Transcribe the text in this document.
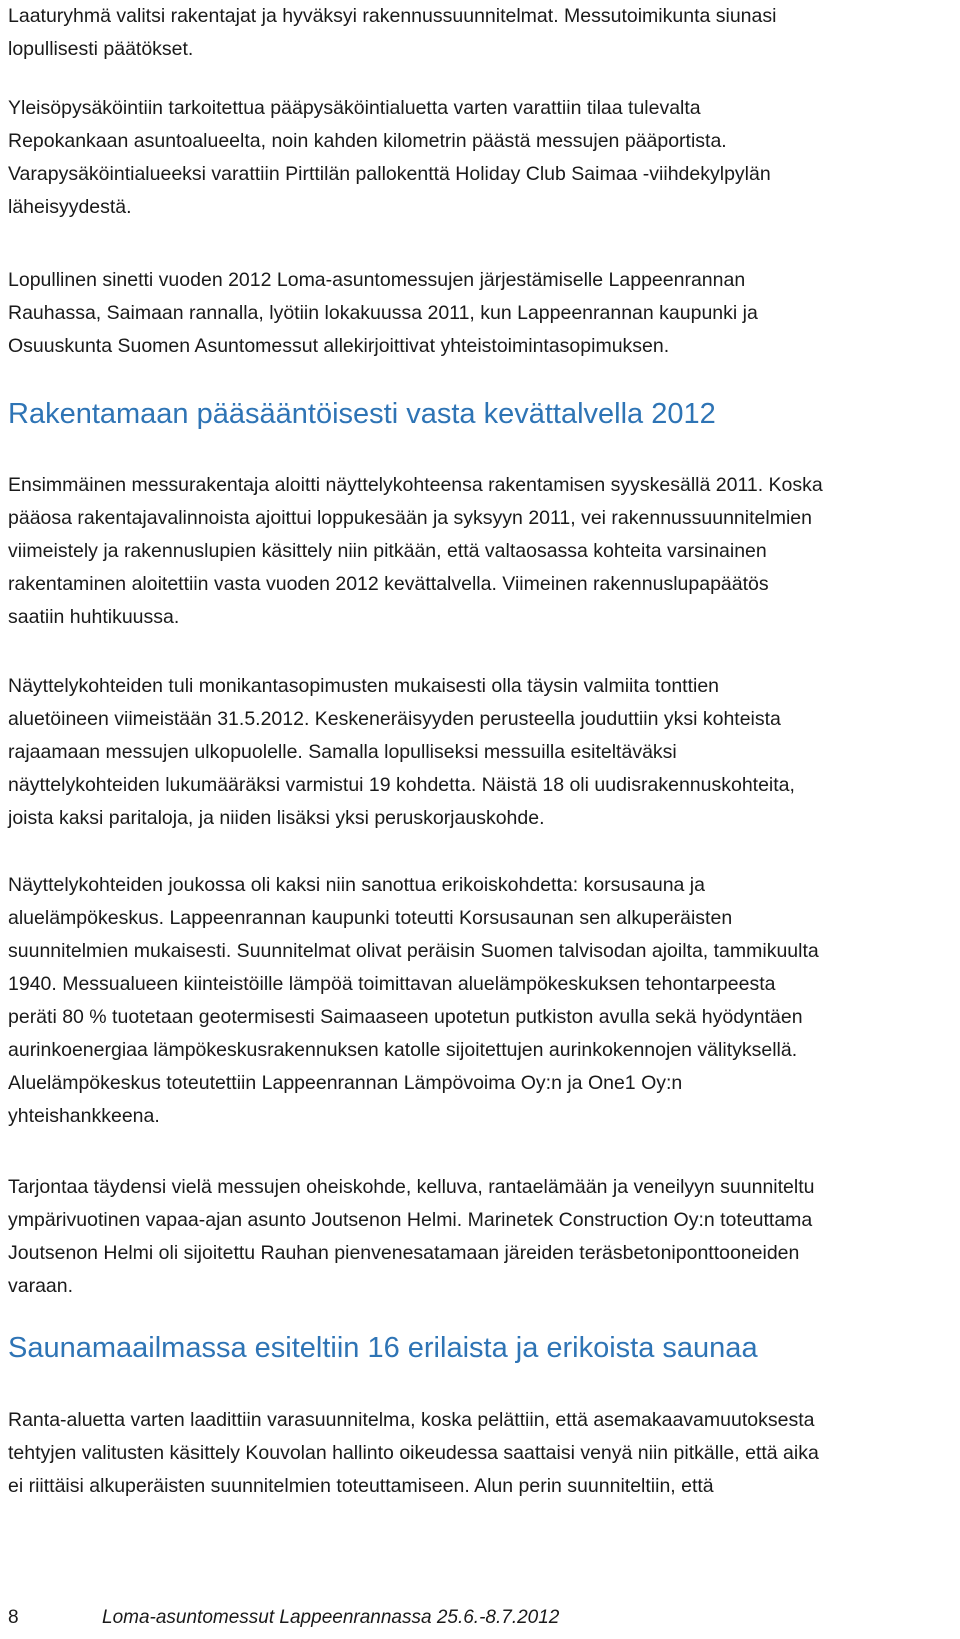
Laaturyhmä valitsi rakentajat ja hyväksyi rakennussuunnitelmat. Messutoimikunta siunasi
lopullisesti päätökset.

Yleisöpysäköintiin tarkoitettua pääpysäköintialuetta varten varattiin tilaa tulevalta
Repokankaan asuntoalueelta, noin kahden kilometrin päästä messujen pääportista.
Varapysäköintialueeksi varattiin Pirttilän pallokenttä Holiday Club Saimaa -viihdekylpylän
läheisyydestä.

Lopullinen sinetti vuoden 2012 Loma-asuntomessujen järjestämiselle Lappeenrannan
Rauhassa, Saimaan rannalla, lyötiin lokakuussa 2011, kun Lappeenrannan kaupunki ja
Osuuskunta Suomen Asuntomessut allekirjoittivat yhteistoimintasopimuksen.

Rakentamaan pääsääntöisesti vasta kevättalvella 2012

Ensimmäinen messurakentaja aloitti näyttelykohteensa rakentamisen syyskesällä 2011. Koska
pääosa rakentajavalinnoista ajoittui loppukesään ja syksyyn 2011, vei rakennussuunnitelmien
viimeistely ja rakennuslupien käsittely niin pitkään, että valtaosassa kohteita varsinainen
rakentaminen aloitettiin vasta vuoden 2012 kevättalvella. Viimeinen rakennuslupapäätös
saatiin huhtikuussa.

Näyttelykohteiden tuli monikantasopimusten mukaisesti olla täysin valmiita tonttien
aluetöineen viimeistään 31.5.2012. Keskeneräisyyden perusteella jouduttiin yksi kohteista
rajaamaan messujen ulkopuolelle. Samalla lopulliseksi messuilla esiteltäväksi
näyttelykohteiden lukumääräksi varmistui 19 kohdetta. Näistä 18 oli uudisrakennuskohteita,
joista kaksi paritaloja, ja niiden lisäksi yksi peruskorjauskohde.

Näyttelykohteiden joukossa oli kaksi niin sanottua erikoiskohdetta: korsusauna ja
aluelämpökeskus. Lappeenrannan kaupunki toteutti Korsusaunan sen alkuperäisten
suunnitelmien mukaisesti. Suunnitelmat olivat peräisin Suomen talvisodan ajoilta, tammikuulta
1940. Messualueen kiinteistöille lämpöä toimittavan aluelämpökeskuksen tehontarpeesta
peräti 80 % tuotetaan geotermisesti Saimaaseen upotetun putkiston avulla sekä hyödyntäen
aurinkoenergiaa lämpökeskusrakennuksen katolle sijoitettujen aurinkokennojen välityksellä.
Aluelämpökeskus toteutettiin Lappeenrannan Lämpövoima Oy:n ja One1 Oy:n
yhteishankkeena.

Tarjontaa täydensi vielä messujen oheiskohde, kelluva, rantaelämään ja veneilyyn suunniteltu
ympärivuotinen vapaa-ajan asunto Joutsenon Helmi. Marinetek Construction Oy:n toteuttama
Joutsenon Helmi oli sijoitettu Rauhan pienvenesatamaan järeiden teräsbetoniponttooneiden
varaan.

Saunamaailmassa esiteltiin 16 erilaista ja erikoista saunaa

Ranta-aluetta varten laadittiin varasuunnitelma, koska pelättiin, että asemakaavamuutoksesta
tehtyjen valitusten käsittely Kouvolan hallinto oikeudessa saattaisi venyä niin pitkälle, että aika
ei riittäisi alkuperäisten suunnitelmien toteuttamiseen. Alun perin suunniteltiin, että

8	Loma-asuntomessut Lappeenrannassa 25.6.-8.7.2012
